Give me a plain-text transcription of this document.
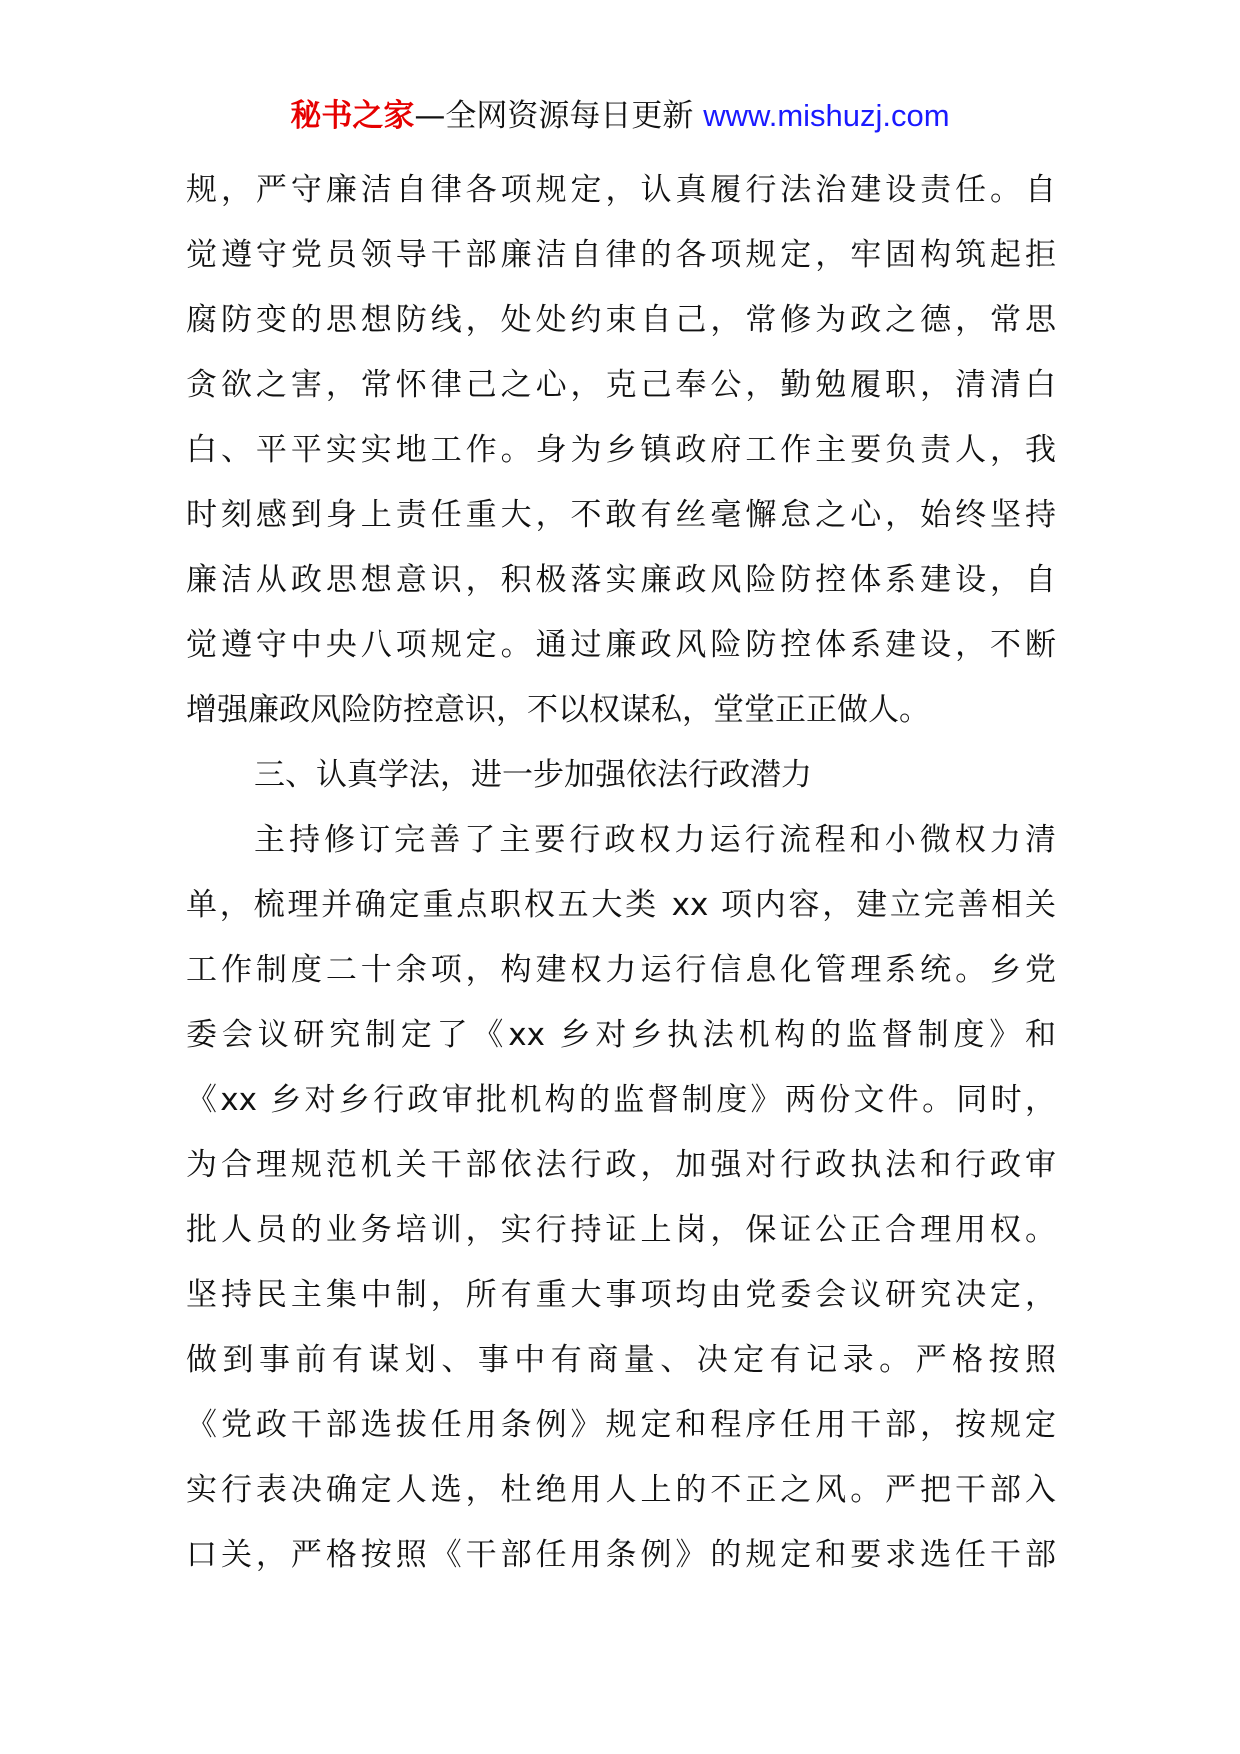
秘书之家—全网资源每日更新 www.mishuzj.com
规，严守廉洁自律各项规定，认真履行法治建设责任。自
觉遵守党员领导干部廉洁自律的各项规定，牢固构筑起拒
腐防变的思想防线，处处约束自己，常修为政之德，常思
贪欲之害，常怀律己之心，克己奉公，勤勉履职，清清白
白、平平实实地工作。身为乡镇政府工作主要负责人，我
时刻感到身上责任重大，不敢有丝毫懈怠之心，始终坚持
廉洁从政思想意识，积极落实廉政风险防控体系建设，自
觉遵守中央八项规定。通过廉政风险防控体系建设，不断
增强廉政风险防控意识，不以权谋私，堂堂正正做人。
三、认真学法，进一步加强依法行政潜力
主持修订完善了主要行政权力运行流程和小微权力清
单，梳理并确定重点职权五大类 xx 项内容，建立完善相关
工作制度二十余项，构建权力运行信息化管理系统。乡党
委会议研究制定了《xx 乡对乡执法机构的监督制度》和
《xx 乡对乡行政审批机构的监督制度》两份文件。同时，
为合理规范机关干部依法行政，加强对行政执法和行政审
批人员的业务培训，实行持证上岗，保证公正合理用权。
坚持民主集中制，所有重大事项均由党委会议研究决定，
做到事前有谋划、事中有商量、决定有记录。严格按照
《党政干部选拔任用条例》规定和程序任用干部，按规定
实行表决确定人选，杜绝用人上的不正之风。严把干部入
口关，严格按照《干部任用条例》的规定和要求选任干部
